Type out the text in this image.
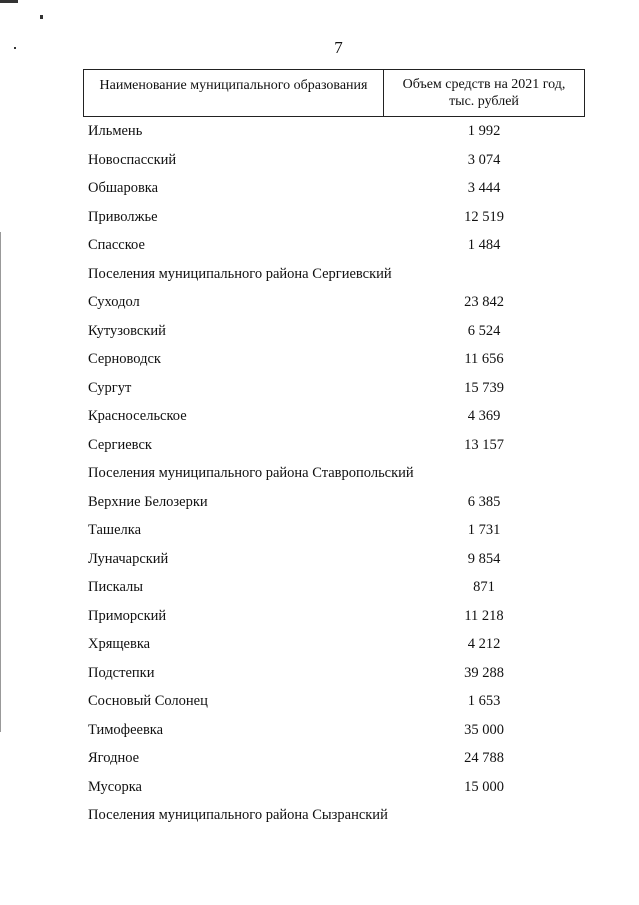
7
Наименование муниципального образования	Объем средств на 2021 год,
тыс. рублей
Ильмень	1 992
Новоспасский	3 074
Обшаровка	3 444
Приволжье	12 519
Спасское	1 484
Поселения муниципального района Сергиевский
Суходол	23 842
Кутузовский	6 524
Серноводск	11 656
Сургут	15 739
Красносельское	4 369
Сергиевск	13 157
Поселения муниципального района Ставропольский
Верхние Белозерки	6 385
Ташелка	1 731
Луначарский	9 854
Пискалы	871
Приморский	11 218
Хрящевка	4 212
Подстепки	39 288
Сосновый Солонец	1 653
Тимофеевка	35 000
Ягодное	24 788
Мусорка	15 000
Поселения муниципального района Сызранский
